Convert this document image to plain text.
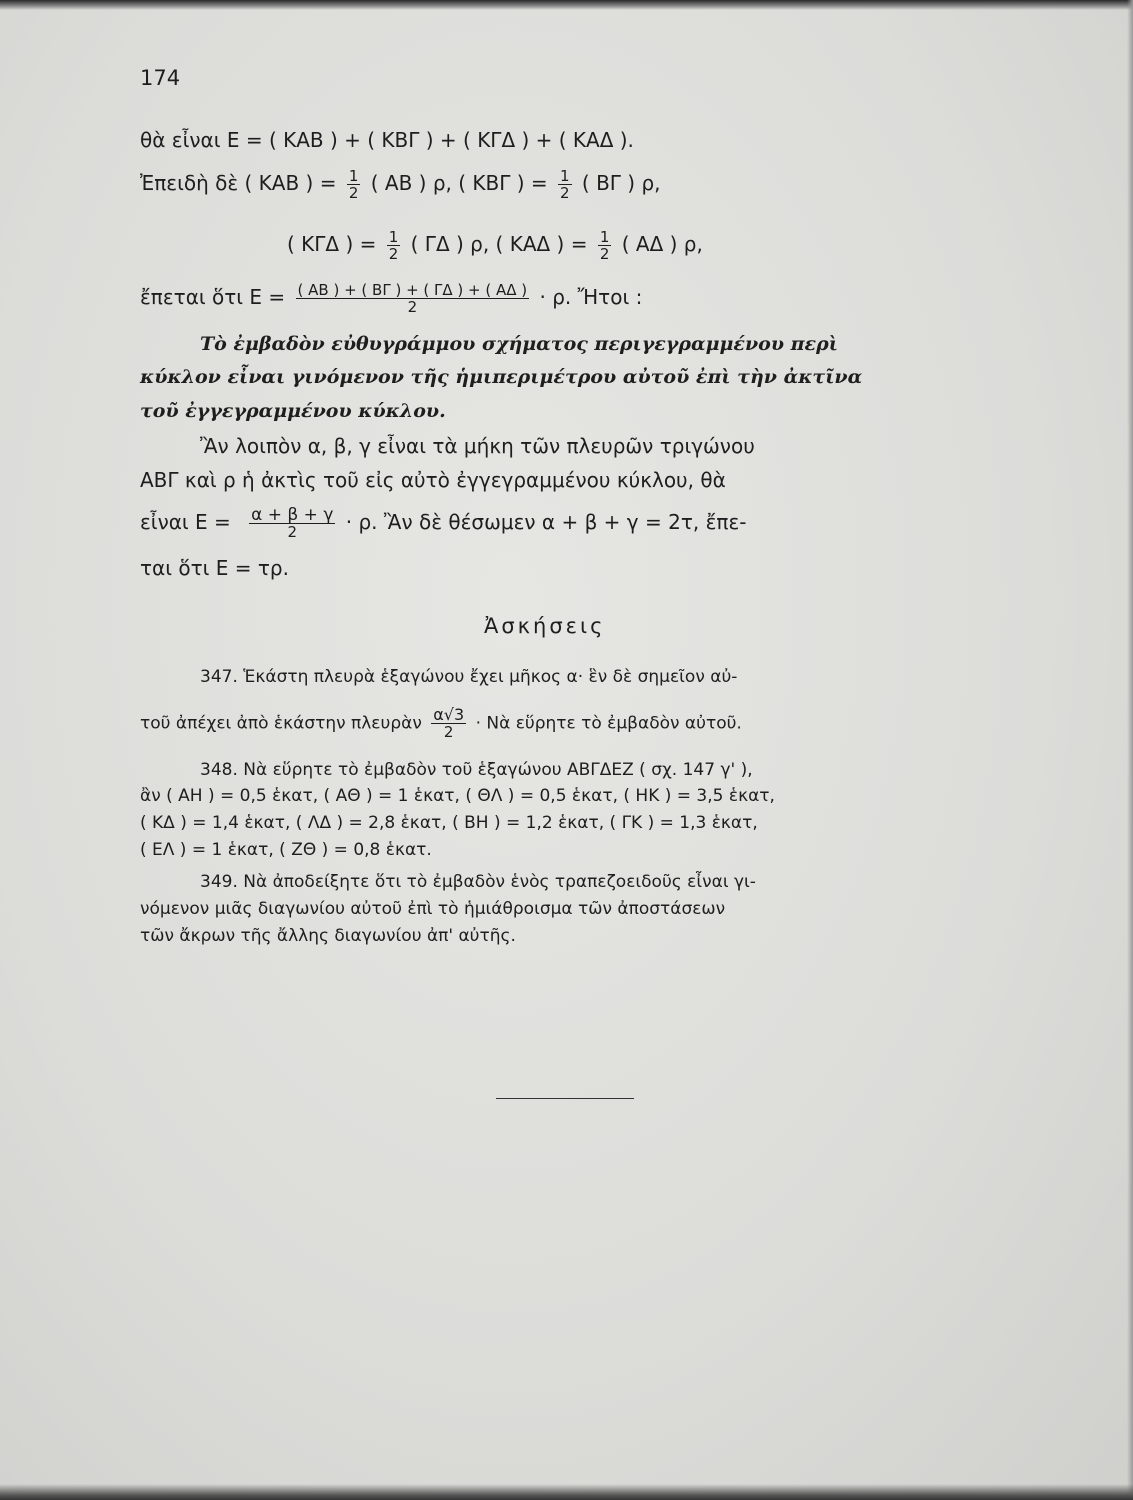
174
θὰ εἶναι Ε = ( ΚΑΒ ) + ( ΚΒΓ ) + ( ΚΓΔ ) + ( ΚΑΔ ).
Ἐπειδὴ δὲ ( ΚΑΒ ) = $\frac{1}{2}$ ( ΑΒ ) ρ, ( ΚΒΓ ) = $\frac{1}{2}$ ( ΒΓ ) ρ,
( ΚΓΔ ) = $\frac{1}{2}$ ( ΓΔ ) ρ, ( ΚΑΔ ) = $\frac{1}{2}$ ( ΑΔ ) ρ,
ἔπεται ὅτι $E = \frac{( AB ) + ( B\Gamma ) + ( \Gamma\Delta ) + ( A\Delta )}{2} \cdot \rho$. Ἤτοι :
Τὸ ἐμβαδὸν εὐθυγράμμου σχήματος περιγεγραμμένου περὶ
κύκλον εἶναι γινόμενον τῆς ἡμιπεριμέτρου αὐτοῦ ἐπὶ τὴν ἀκτῖνα
τοῦ ἐγγεγραμμένου κύκλου.
Ἂν λοιπὸν α, β, γ εἶναι τὰ μήκη τῶν πλευρῶν τριγώνου
ΑΒΓ καὶ ρ ἡ ἀκτὶς τοῦ εἰς αὐτὸ ἐγγεγραμμένου κύκλου, θὰ
εἶναι $E = \frac{\alpha + \beta + \gamma}{2} \cdot \rho$. Ἂν δὲ θέσωμεν α + β + γ = 2τ, ἔπε-
ται ὅτι Ε = τρ.
Ἀσκήσεις
347. Ἑκάστη πλευρὰ ἑξαγώνου ἔχει μῆκος α· ἓν δὲ σημεῖον αὐ-
τοῦ ἀπέχει ἀπὸ ἑκάστην πλευρὰν $\frac{\alpha√3}{2}$ · Νὰ εὕρητε τὸ ἐμβαδὸν αὐτοῦ.
348. Νὰ εὕρητε τὸ ἐμβαδὸν τοῦ ἑξαγώνου ΑΒΓΔΕΖ ( σχ. 147 γ' ),
ἂν ( ΑΗ ) = 0,5 ἑκατ, ( ΑΘ ) = 1 ἑκατ, ( ΘΛ ) = 0,5 ἑκατ, ( ΗΚ ) = 3,5 ἑκατ,
( ΚΔ ) = 1,4 ἑκατ, ( ΛΔ ) = 2,8 ἑκατ, ( ΒΗ ) = 1,2 ἑκατ, ( ΓΚ ) = 1,3 ἑκατ,
( ΕΛ ) = 1 ἑκατ, ( ΖΘ ) = 0,8 ἑκατ.
349. Νὰ ἀποδείξητε ὅτι τὸ ἐμβαδὸν ἑνὸς τραπεζοειδοῦς εἶναι γι-
νόμενον μιᾶς διαγωνίου αὐτοῦ ἐπὶ τὸ ἡμιάθροισμα τῶν ἀποστάσεων
τῶν ἄκρων τῆς ἄλλης διαγωνίου ἀπ' αὐτῆς.
